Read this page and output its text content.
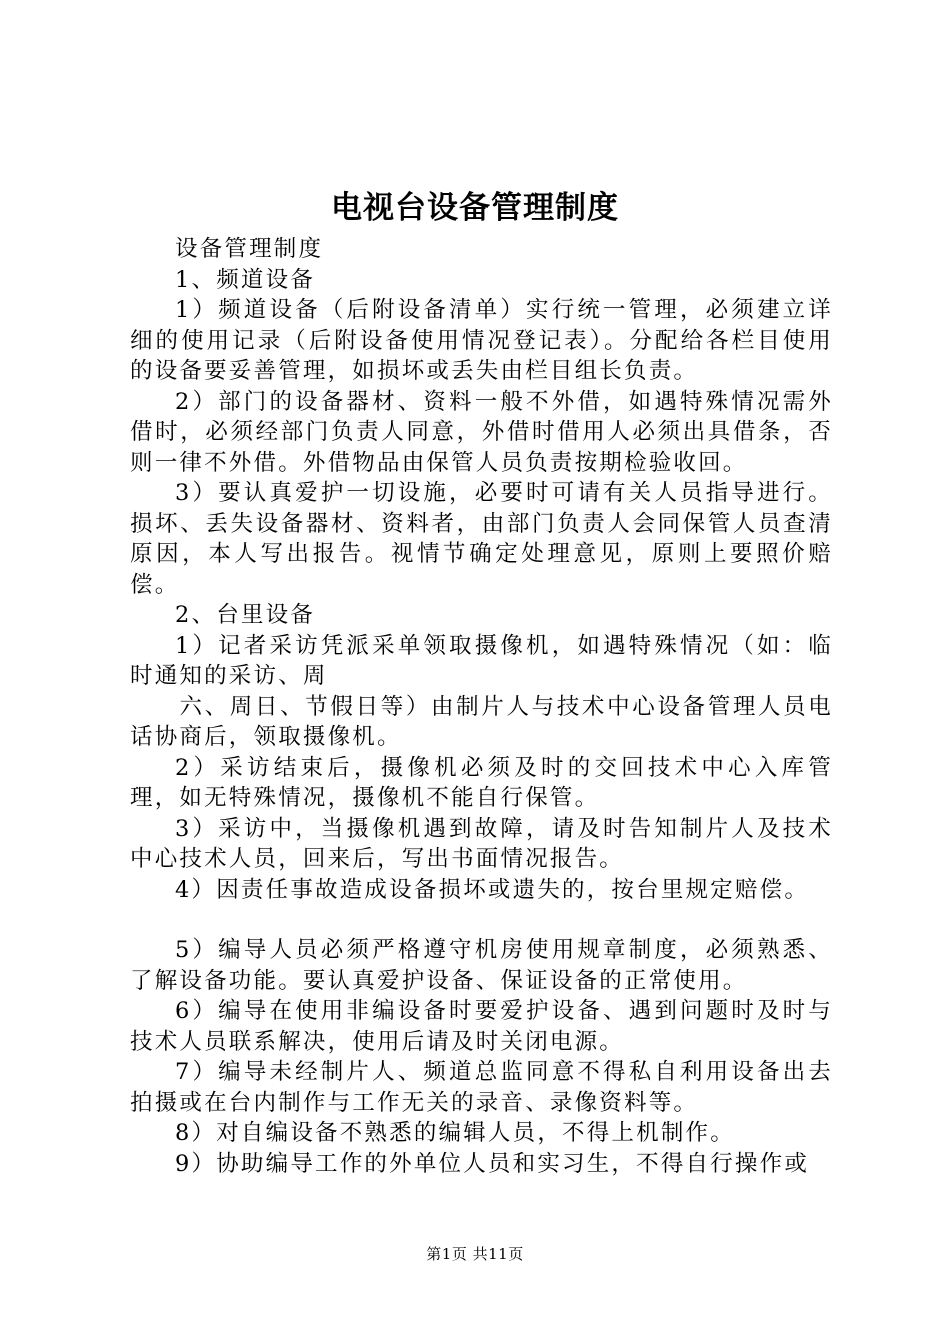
电视台设备管理制度

设备管理制度

1、频道设备

1）频道设备（后附设备清单）实行统一管理，必须建立详细的使用记录（后附设备使用情况登记表）。分配给各栏目使用的设备要妥善管理，如损坏或丢失由栏目组长负责。

2）部门的设备器材、资料一般不外借，如遇特殊情况需外借时，必须经部门负责人同意，外借时借用人必须出具借条，否则一律不外借。外借物品由保管人员负责按期检验收回。

3）要认真爱护一切设施，必要时可请有关人员指导进行。损坏、丢失设备器材、资料者，由部门负责人会同保管人员查清原因，本人写出报告。视情节确定处理意见，原则上要照价赔偿。

2、台里设备

1）记者采访凭派采单领取摄像机，如遇特殊情况（如：临时通知的采访、周

六、周日、节假日等）由制片人与技术中心设备管理人员电话协商后，领取摄像机。

2）采访结束后，摄像机必须及时的交回技术中心入库管理，如无特殊情况，摄像机不能自行保管。

3）采访中，当摄像机遇到故障，请及时告知制片人及技术中心技术人员，回来后，写出书面情况报告。

4）因责任事故造成设备损坏或遗失的，按台里规定赔偿。

5）编导人员必须严格遵守机房使用规章制度，必须熟悉、了解设备功能。要认真爱护设备、保证设备的正常使用。

6）编导在使用非编设备时要爱护设备、遇到问题时及时与技术人员联系解决，使用后请及时关闭电源。

7）编导未经制片人、频道总监同意不得私自利用设备出去拍摄或在台内制作与工作无关的录音、录像资料等。

8）对自编设备不熟悉的编辑人员，不得上机制作。

9）协助编导工作的外单位人员和实习生，不得自行操作或

第1页 共11页
